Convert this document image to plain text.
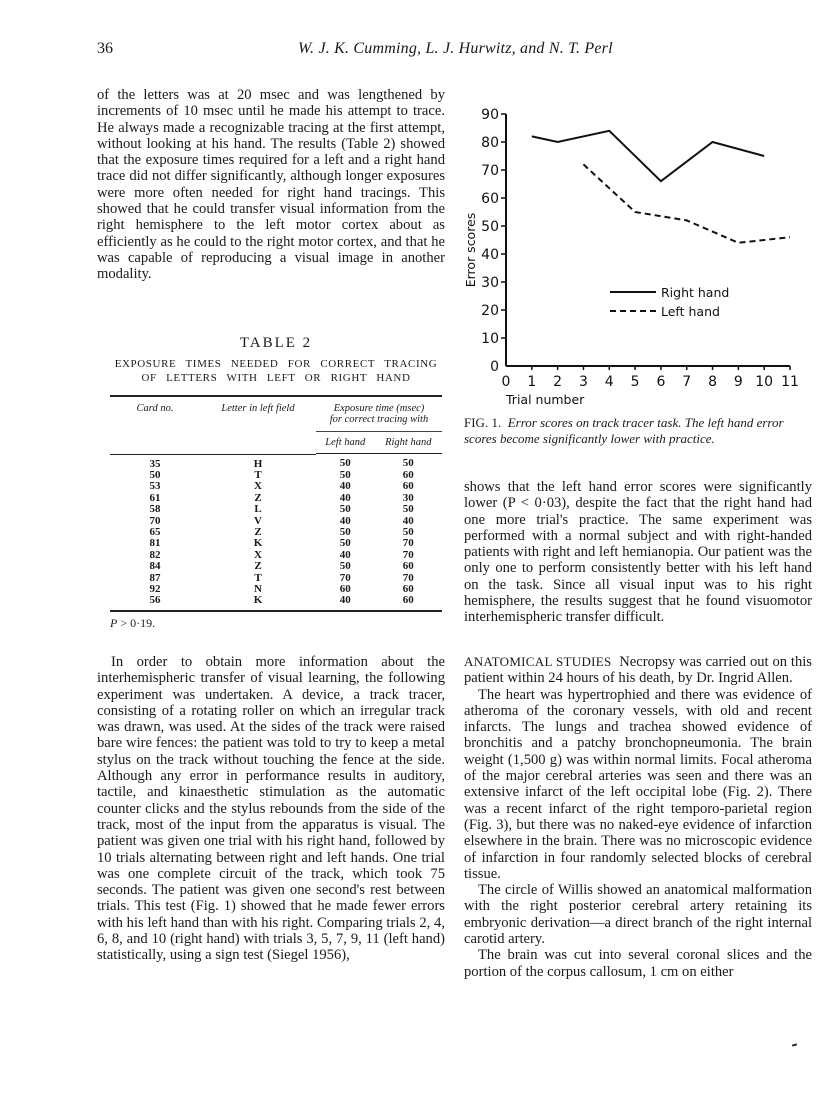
36	W. J. K. Cumming, L. J. Hurwitz, and N. T. Perl

of the letters was at 20 msec and was lengthened by increments of 10 msec until he made his attempt to trace. He always made a recognizable tracing at the first attempt, without looking at his hand. The results (Table 2) showed that the exposure times required for a left and a right hand trace did not differ significantly, although longer exposures were more often needed for right hand tracings. This showed that he could transfer visual information from the right hemisphere to the left motor cortex about as efficiently as he could to the right motor cortex, and that he was capable of reproducing a visual image in another modality.

TABLE 2
EXPOSURE TIMES NEEDED FOR CORRECT TRACING OF LETTERS WITH LEFT OR RIGHT HAND
Card no.	Letter in left field	Exposure time (msec) for correct tracing with	
		Left hand	Right hand

35	H	50	50
50	T	50	60
53	X	40	60
61	Z	40	30
58	L	50	50
70	V	40	40
65	Z	50	50
81	K	50	70
82	X	40	70
84	Z	50	60
87	T	70	70
92	N	60	60
56	K	40	60

P > 0·19.

In order to obtain more information about the interhemispheric transfer of visual learning, the following experiment was undertaken. A device, a track tracer, consisting of a rotating roller on which an irregular track was drawn, was used. At the sides of the track were raised bare wire fences: the patient was told to try to keep a metal stylus on the track without touching the fence at the side. Although any error in performance results in auditory, tactile, and kinaesthetic stimulation as the automatic counter clicks and the stylus rebounds from the side of the track, most of the input from the apparatus is visual. The patient was given one trial with his right hand, followed by 10 trials alternating between right and left hands. One trial was one complete circuit of the track, which took 75 seconds. The patient was given one second's rest between trials. This test (Fig. 1) showed that he made fewer errors with his left hand than with his right. Comparing trials 2, 4, 6, 8, and 10 (right hand) with trials 3, 5, 7, 9, 11 (left hand) statistically, using a sign test (Siegel 1956),

0
10
20
30
40
50
60
70
80
90
0 1 2 3 4 5 6 7 8 9 10 11
Trial number
Error scores
Right hand
Left hand
FIG. 1. Error scores on track tracer task. The left hand error scores become significantly lower with practice.

shows that the left hand error scores were significantly lower (P < 0·03), despite the fact that the right hand had one more trial's practice. The same experiment was performed with a normal subject and with right-handed patients with right and left hemianopia. Our patient was the only one to perform consistently better with his left hand on the task. Since all visual input was to his right hemisphere, the results suggest that he found visuomotor interhemispheric transfer difficult.

ANATOMICAL STUDIES Necropsy was carried out on this patient within 24 hours of his death, by Dr. Ingrid Allen.

The heart was hypertrophied and there was evidence of atheroma of the coronary vessels, with old and recent infarcts. The lungs and trachea showed evidence of bronchitis and a patchy bronchopneumonia. The brain weight (1,500 g) was within normal limits. Focal atheroma of the major cerebral arteries was seen and there was an extensive infarct of the left occipital lobe (Fig. 2). There was a recent infarct of the right temporo-parietal region (Fig. 3), but there was no naked-eye evidence of infarction elsewhere in the brain. There was no microscopic evidence of infarction in four randomly selected blocks of cerebral tissue.

The circle of Willis showed an anatomical malformation with the right posterior cerebral artery retaining its embryonic derivation—a direct branch of the right internal carotid artery.

The brain was cut into several coronal slices and the portion of the corpus callosum, 1 cm on either
